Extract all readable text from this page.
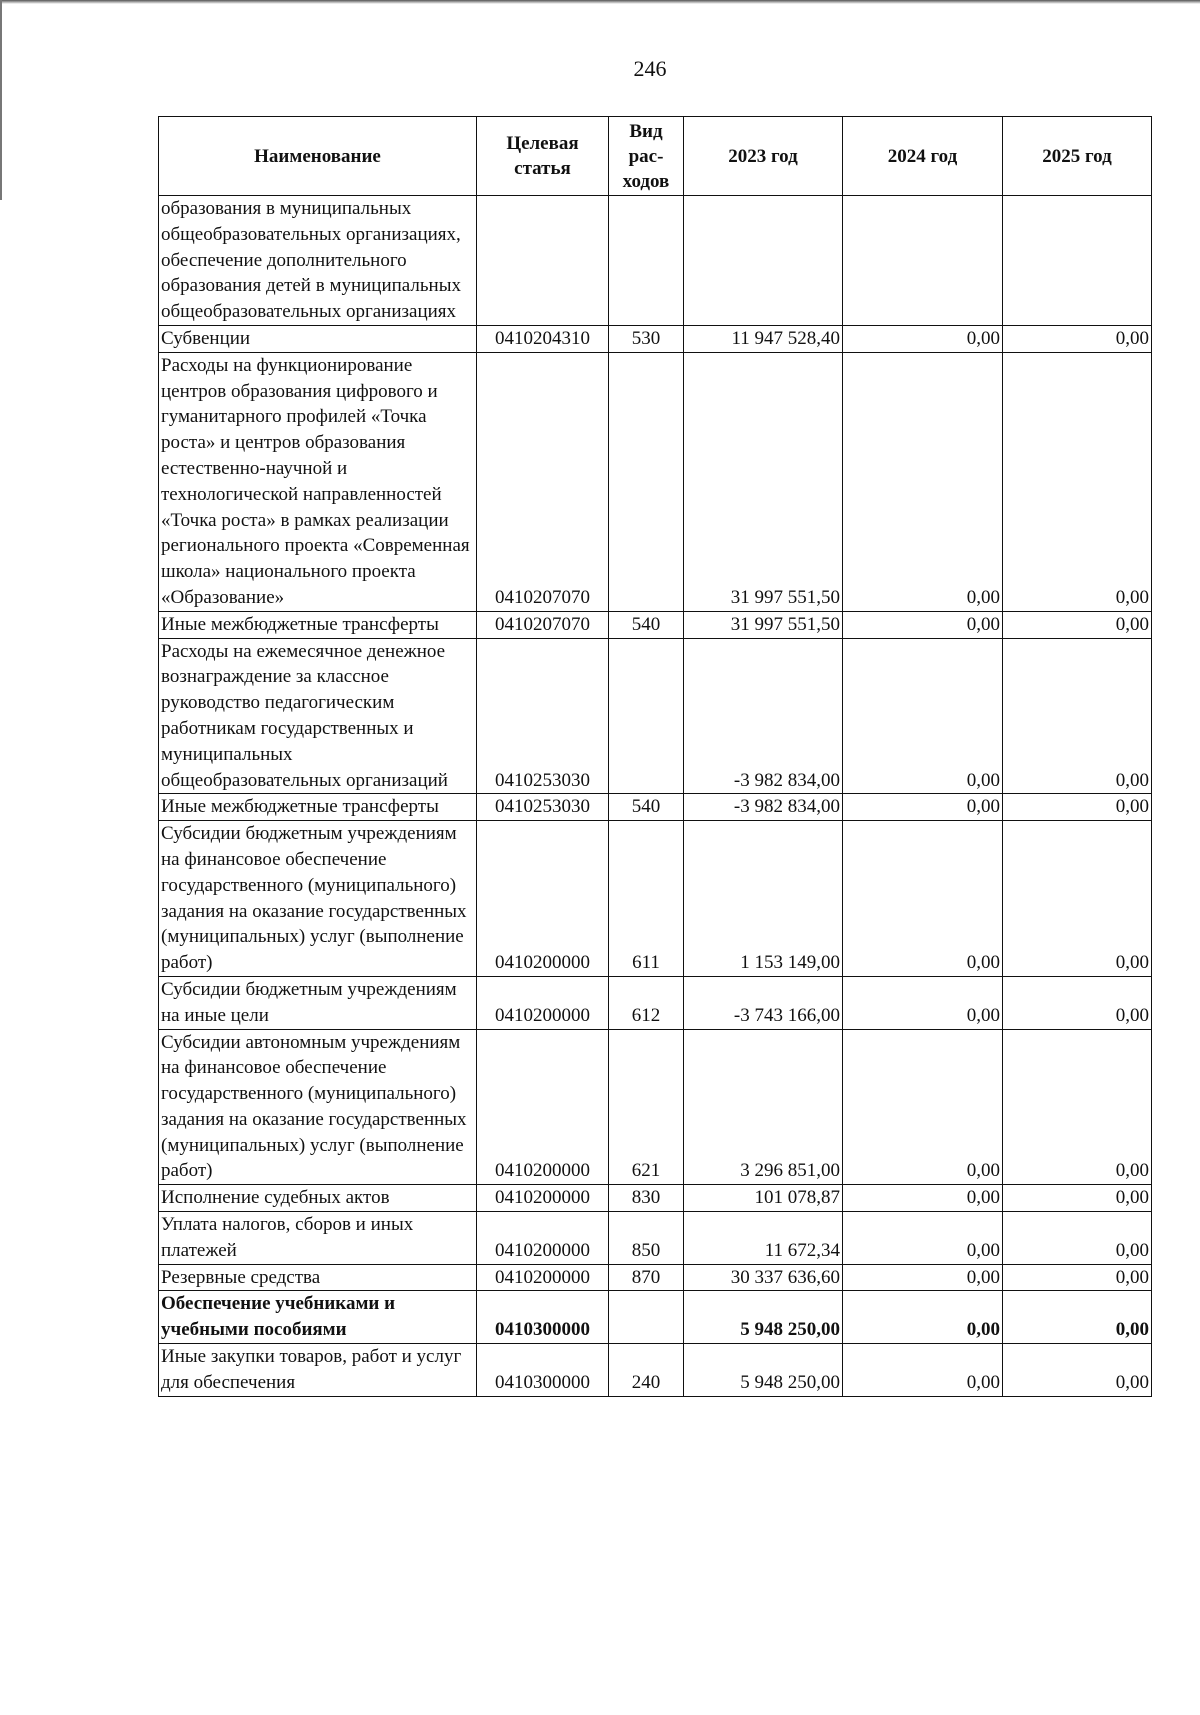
246
Наименование	Целевая статья	Вид рас-ходов	2023 год	2024 год	2025 год
образования в муниципальных общеобразовательных организациях, обеспечение дополнительного образования детей в муниципальных общеобразовательных организациях					
Субвенции	0410204310	530	11 947 528,40	0,00	0,00
Расходы на функционирование центров образования цифрового и гуманитарного профилей «Точка роста» и центров образования естественно-научной и технологической направленностей «Точка роста» в рамках реализации регионального проекта «Современная школа» национального проекта «Образование»	0410207070		31 997 551,50	0,00	0,00
Иные межбюджетные трансферты	0410207070	540	31 997 551,50	0,00	0,00
Расходы на ежемесячное денежное вознаграждение за классное руководство педагогическим работникам государственных и муниципальных общеобразовательных организаций	0410253030		-3 982 834,00	0,00	0,00
Иные межбюджетные трансферты	0410253030	540	-3 982 834,00	0,00	0,00
Субсидии бюджетным учреждениям на финансовое обеспечение государственного (муниципального) задания на оказание государственных (муниципальных) услуг (выполнение работ)	0410200000	611	1 153 149,00	0,00	0,00
Субсидии бюджетным учреждениям на иные цели	0410200000	612	-3 743 166,00	0,00	0,00
Субсидии автономным учреждениям на финансовое обеспечение государственного (муниципального) задания на оказание государственных (муниципальных) услуг (выполнение работ)	0410200000	621	3 296 851,00	0,00	0,00
Исполнение судебных актов	0410200000	830	101 078,87	0,00	0,00
Уплата налогов, сборов и иных платежей	0410200000	850	11 672,34	0,00	0,00
Резервные средства	0410200000	870	30 337 636,60	0,00	0,00
Обеспечение учебниками и учебными пособиями	0410300000		5 948 250,00	0,00	0,00
Иные закупки товаров, работ и услуг для обеспечения	0410300000	240	5 948 250,00	0,00	0,00
